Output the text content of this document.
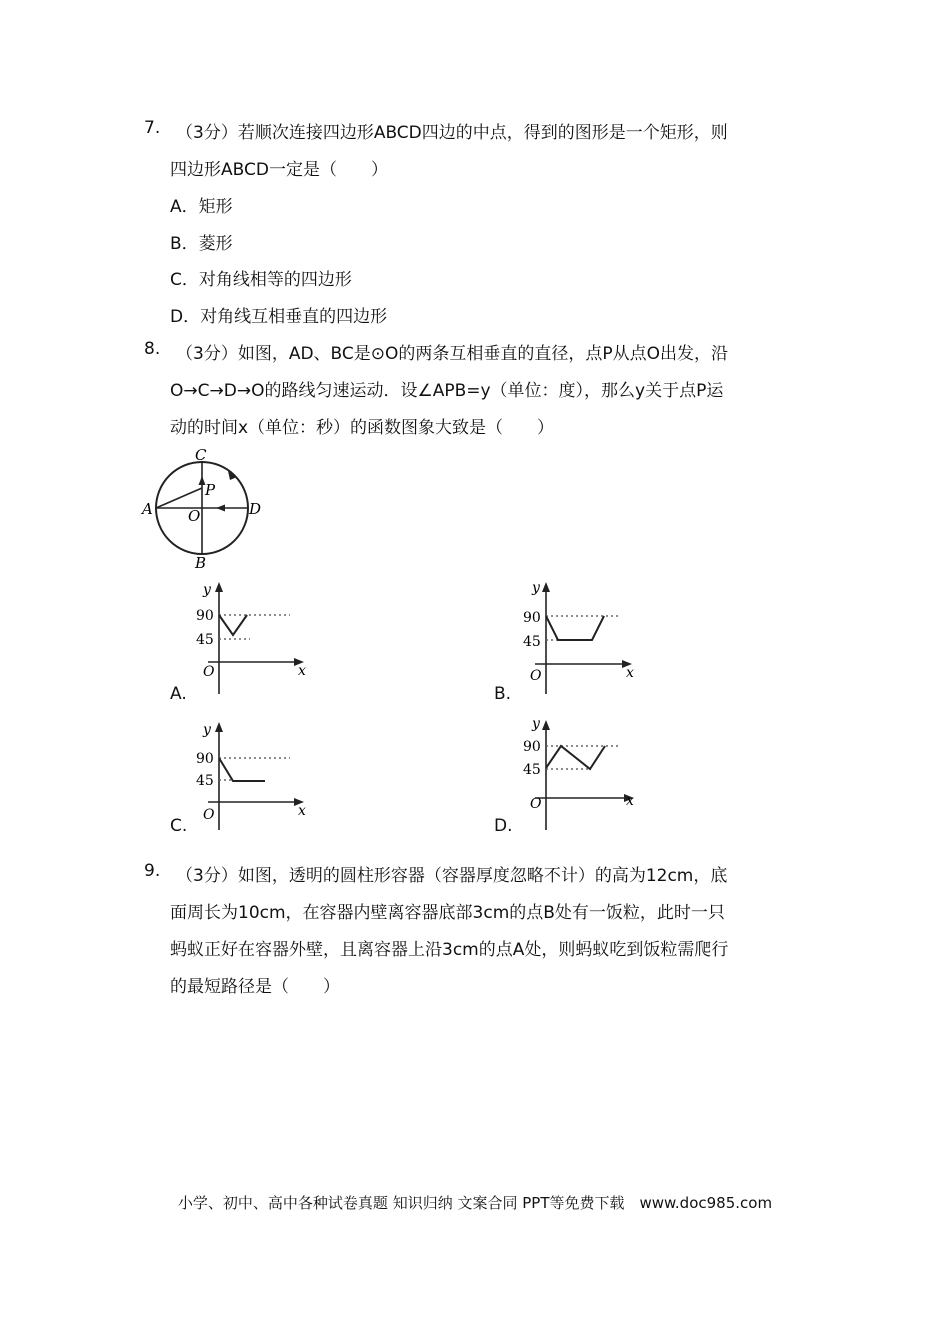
7. （3分）若顺次连接四边形ABCD四边的中点，得到的图形是一个矩形，则
四边形ABCD一定是（　　）
A．矩形
B．菱形
C．对角线相等的四边形
D．对角线互相垂直的四边形
8. （3分）如图，AD、BC是⊙O的两条互相垂直的直径，点P从点O出发，沿
O→C→D→O的路线匀速运动．设∠APB=y（单位：度），那么y关于点P运
动的时间x（单位：秒）的函数图象大致是（　　）
C
P
A O	D
B
y
90
45
O	x
A.
y
90
45
O	x
B.
y
90
45
O	x
C.
y
90
45
O	x
D.
9. （3分）如图，透明的圆柱形容器（容器厚度忽略不计）的高为12cm，底
面周长为10cm，在容器内壁离容器底部3cm的点B处有一饭粒，此时一只
蚂蚁正好在容器外壁，且离容器上沿3cm的点A处，则蚂蚁吃到饭粒需爬行
的最短路径是（　　）
小学、初中、高中各种试卷真题 知识归纳 文案合同 PPT等免费下载　www.doc985.com
